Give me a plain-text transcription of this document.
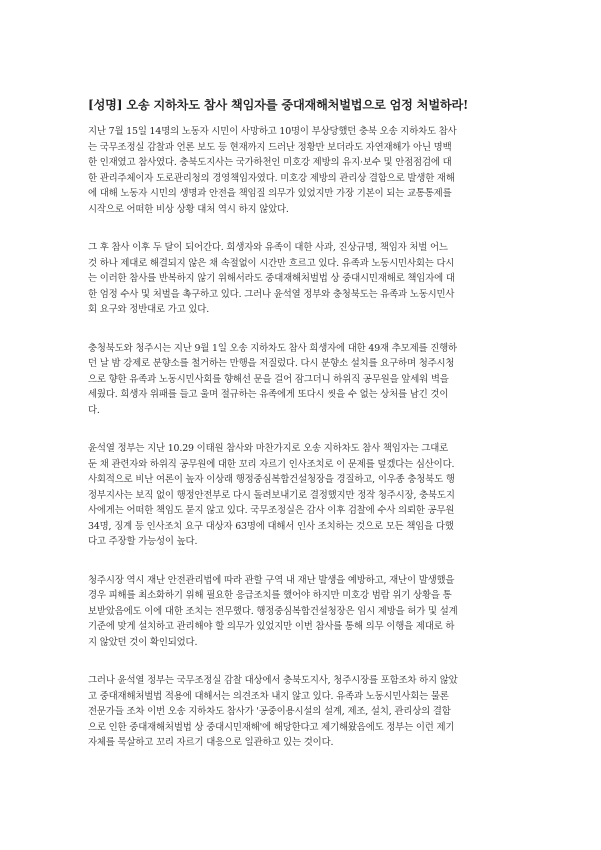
[성명] 오송 지하차도 참사 책임자를 중대재해처벌법으로 엄정 처벌하라!

지난 7월 15일 14명의 노동자 시민이 사망하고 10명이 부상당했던 충북 오송 지하차도 참사
는 국무조정실 감찰과 언론 보도 등 현재까지 드러난 정황만 보더라도 자연재해가 아닌 명백
한 인재였고 참사였다. 충북도지사는 국가하천인 미호강 제방의 유지·보수 및 안점점검에 대
한 관리주체이자 도로관리청의 경영책임자였다. 미호강 제방의 관리상 결함으로 발생한 재해
에 대해 노동자 시민의 생명과 안전을 책임질 의무가 있었지만 가장 기본이 되는 교통통제를
시작으로 어떠한 비상 상황 대처 역시 하지 않았다.

그 후 참사 이후 두 달이 되어간다. 희생자와 유족이 대한 사과, 진상규명, 책임자 처벌 어느
것 하나 제대로 해결되지 않은 채 속절없이 시간만 흐르고 있다. 유족과 노동시민사회는 다시
는 이러한 참사를 반복하지 않기 위해서라도 중대재해처벌법 상 중대시민재해로 책임자에 대
한 엄정 수사 및 처벌을 촉구하고 있다. 그러나 윤석열 정부와 충청북도는 유족과 노동시민사
회 요구와 정반대로 가고 있다.

충청북도와 청주시는 지난 9월 1일 오송 지하차도 참사 희생자에 대한 49재 추모제를 진행하
던 날 밤 강제로 분향소를 철거하는 만행을 저질렀다. 다시 분향소 설치를 요구하며 청주시청
으로 향한 유족과 노동시민사회를 향해선 문을 걸어 잠그더니 하위직 공무원을 앞세워 벽을
세웠다. 희생자 위패를 들고 울며 절규하는 유족에게 또다시 씻을 수 없는 상처를 남긴 것이
다.

윤석열 정부는 지난 10.29 이태원 참사와 마찬가지로 오송 지하차도 참사 책임자는 그대로
둔 채 관련자와 하위직 공무원에 대한 꼬리 자르기 인사조치로 이 문제를 덮겠다는 심산이다.
사회적으로 비난 여론이 높자 이상래 행정중심복합건설청장을 경질하고, 이우종 충청북도 행
정부지사는 보직 없이 행정안전부로 다시 돌려보내기로 결정했지만 정작 청주시장, 충북도지
사에게는 어떠한 책임도 묻지 않고 있다. 국무조정실은 감사 이후 검찰에 수사 의뢰한 공무원
34명, 징계 등 인사조치 요구 대상자 63명에 대해서 인사 조치하는 것으로 모든 책임을 다했
다고 주장할 가능성이 높다.

청주시장 역시 재난 안전관리법에 따라 관할 구역 내 재난 발생을 예방하고, 재난이 발생했을
경우 피해를 최소화하기 위해 필요한 응급조치를 했어야 하지만 미호강 범람 위기 상황을 통
보받았음에도 이에 대한 조치는 전무했다. 행정중심복합건설청장은 임시 제방을 허가 및 설계
기준에 맞게 설치하고 관리해야 할 의무가 있었지만 이번 참사를 통해 의무 이행을 제대로 하
지 않았던 것이 확인되었다.

그러나 윤석열 정부는 국무조정실 감찰 대상에서 충북도지사, 청주시장를 포함조차 하지 않았
고 중대재해처벌법 적용에 대해서는 의견조차 내지 않고 있다. 유족과 노동시민사회는 물론
전문가들 조차 이번 오송 지하차도 참사가 '공중이용시설의 설계, 제조, 설치, 관리상의 결함
으로 인한 중대재해처벌법 상 중대시민재해'에 해당한다고 제기해왔음에도 정부는 이런 제기
자체를 묵살하고 꼬리 자르기 대응으로 일관하고 있는 것이다.
